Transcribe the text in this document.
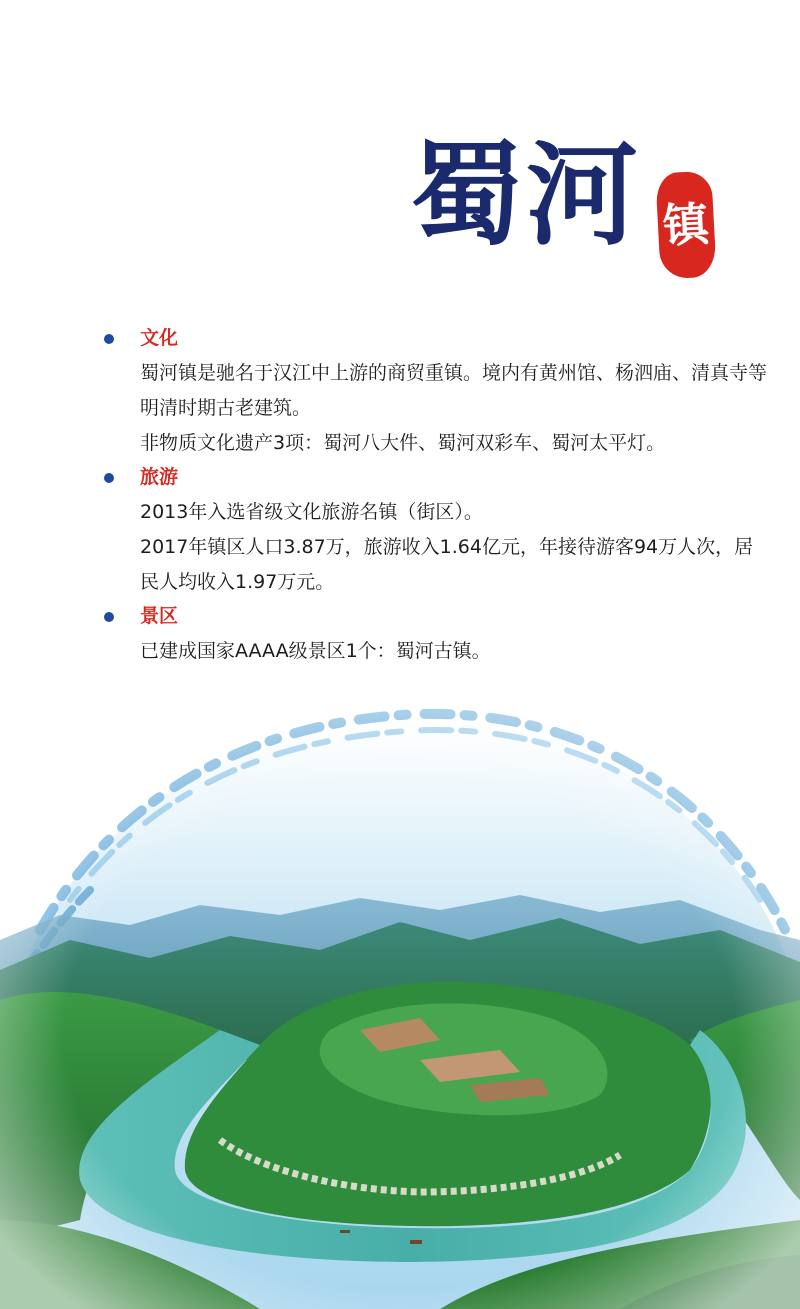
蜀河 镇
文化
蜀河镇是驰名于汉江中上游的商贸重镇。境内有黄州馆、杨泗庙、清真寺等明清时期古老建筑。
非物质文化遗产3项：蜀河八大件、蜀河双彩车、蜀河太平灯。
旅游
2013年入选省级文化旅游名镇（街区）。
2017年镇区人口3.87万，旅游收入1.64亿元，年接待游客94万人次，居民人均收入1.97万元。
景区
已建成国家AAAA级景区1个：蜀河古镇。
